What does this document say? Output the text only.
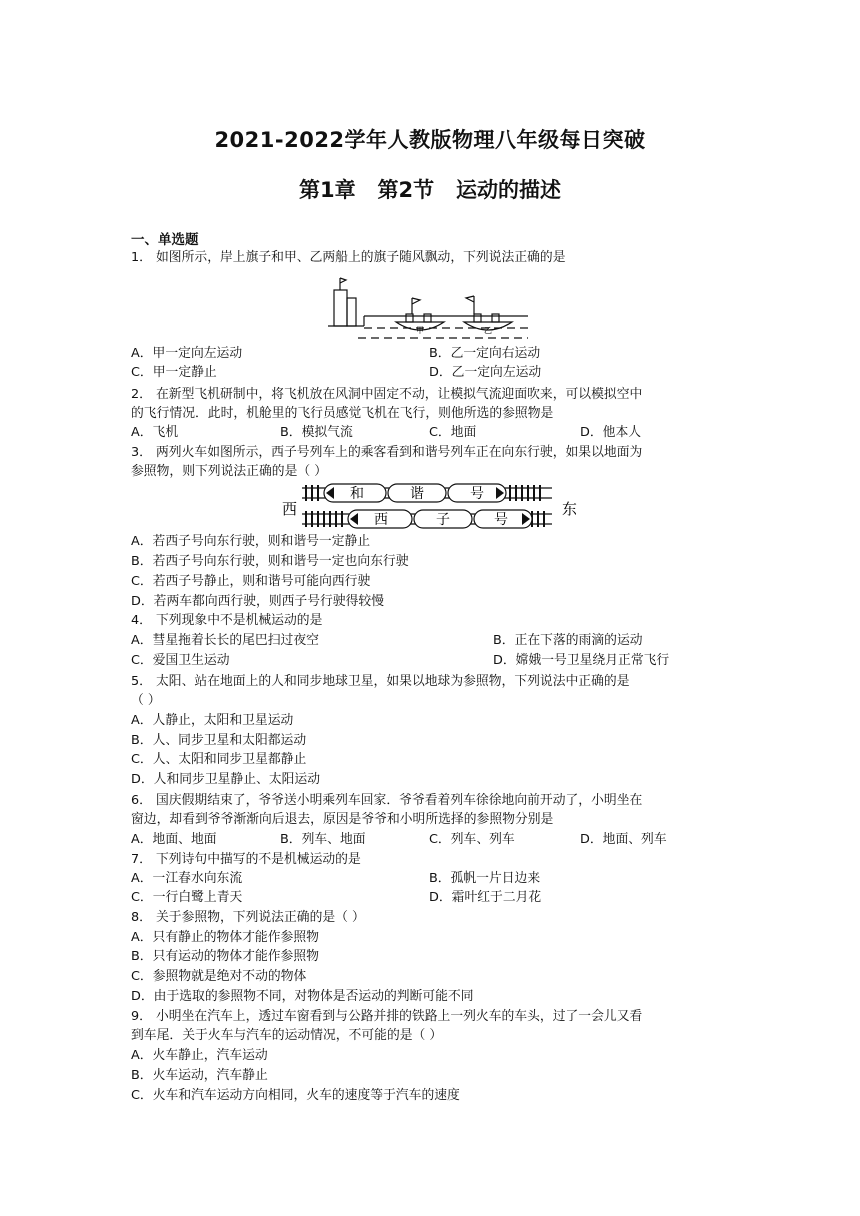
2021-2022学年人教版物理八年级每日突破
第1章   第2节   运动的描述
一、单选题
1． 如图所示，岸上旗子和甲、乙两船上的旗子随风飘动，下列说法正确的是
甲	乙
A．甲一定向左运动	B．乙一定向右运动
C．甲一定静止	D．乙一定向左运动
2． 在新型飞机研制中，将飞机放在风洞中固定不动，让模拟气流迎面吹来，可以模拟空中
的飞行情况．此时，机舱里的飞行员感觉飞机在飞行，则他所选的参照物是
A．飞机	B．模拟气流	C．地面	D．他本人
3． 两列火车如图所示，西子号列车上的乘客看到和谐号列车正在向东行驶，如果以地面为
参照物，则下列说法正确的是（ ）
西	东
和	谐	号
西	子	号
A．若西子号向东行驶，则和谐号一定静止
B．若西子号向东行驶，则和谐号一定也向东行驶
C．若西子号静止，则和谐号可能向西行驶
D．若两车都向西行驶，则西子号行驶得较慢
4． 下列现象中不是机械运动的是
A．彗星拖着长长的尾巴扫过夜空	B．正在下落的雨滴的运动
C．爱国卫生运动	D．嫦娥一号卫星绕月正常飞行
5． 太阳、站在地面上的人和同步地球卫星，如果以地球为参照物，下列说法中正确的是
（ ）
A．人静止，太阳和卫星运动
B．人、同步卫星和太阳都运动
C．人、太阳和同步卫星都静止
D．人和同步卫星静止、太阳运动
6． 国庆假期结束了，爷爷送小明乘列车回家．爷爷看着列车徐徐地向前开动了，小明坐在
窗边，却看到爷爷渐渐向后退去，原因是爷爷和小明所选择的参照物分别是
A．地面、地面	B．列车、地面	C．列车、列车	D．地面、列车
7． 下列诗句中描写的不是机械运动的是
A．一江春水向东流	B．孤帆一片日边来
C．一行白鹭上青天	D．霜叶红于二月花
8． 关于参照物，下列说法正确的是（ ）
A．只有静止的物体才能作参照物
B．只有运动的物体才能作参照物
C．参照物就是绝对不动的物体
D．由于选取的参照物不同，对物体是否运动的判断可能不同
9． 小明坐在汽车上，透过车窗看到与公路并排的铁路上一列火车的车头，过了一会儿又看
到车尾．关于火车与汽车的运动情况，不可能的是（ ）
A．火车静止，汽车运动
B．火车运动，汽车静止
C．火车和汽车运动方向相同，火车的速度等于汽车的速度
